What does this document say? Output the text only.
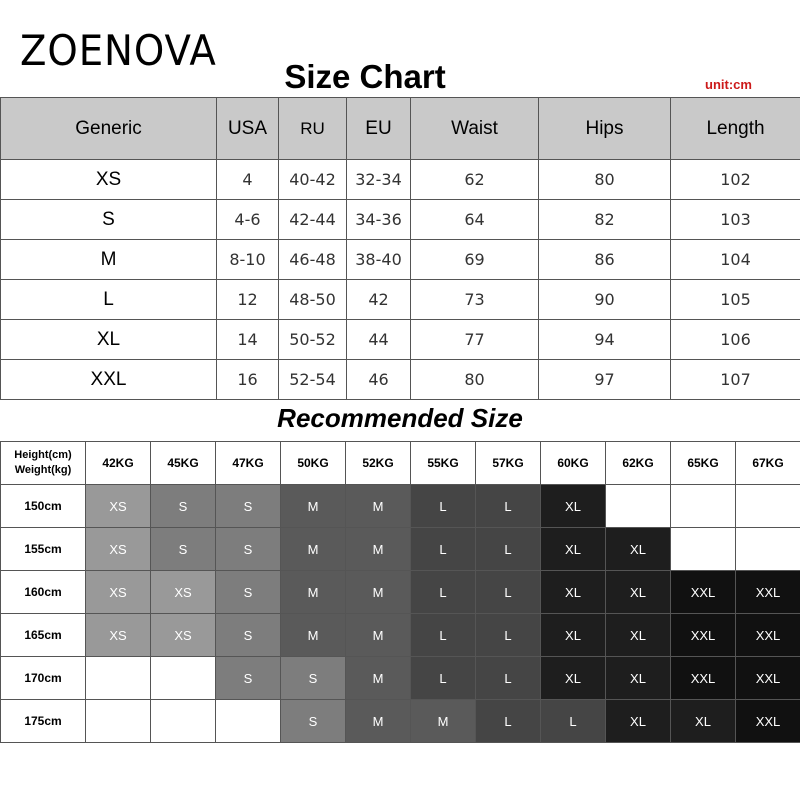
ZOENOVA
Size Chart	unit:cm
Generic	USA	RU	EU	Waist	Hips	Length
XS	4	40-42	32-34	62	80	102
S	4-6	42-44	34-36	64	82	103
M	8-10	46-48	38-40	69	86	104
L	12	48-50	42	73	90	105
XL	14	50-52	44	77	94	106
XXL	16	52-54	46	80	97	107
Recommended Size
Height(cm)
Weight(kg)	42KG	45KG	47KG	50KG	52KG	55KG	57KG	60KG	62KG	65KG	67KG
150cm	XS	S	S	M	M	L	L	XL			
155cm	XS	S	S	M	M	L	L	XL	XL		
160cm	XS	XS	S	M	M	L	L	XL	XL	XXL	XXL
165cm	XS	XS	S	M	M	L	L	XL	XL	XXL	XXL
170cm			S	S	M	L	L	XL	XL	XXL	XXL
175cm				S	M	M	L	L	XL	XL	XXL
